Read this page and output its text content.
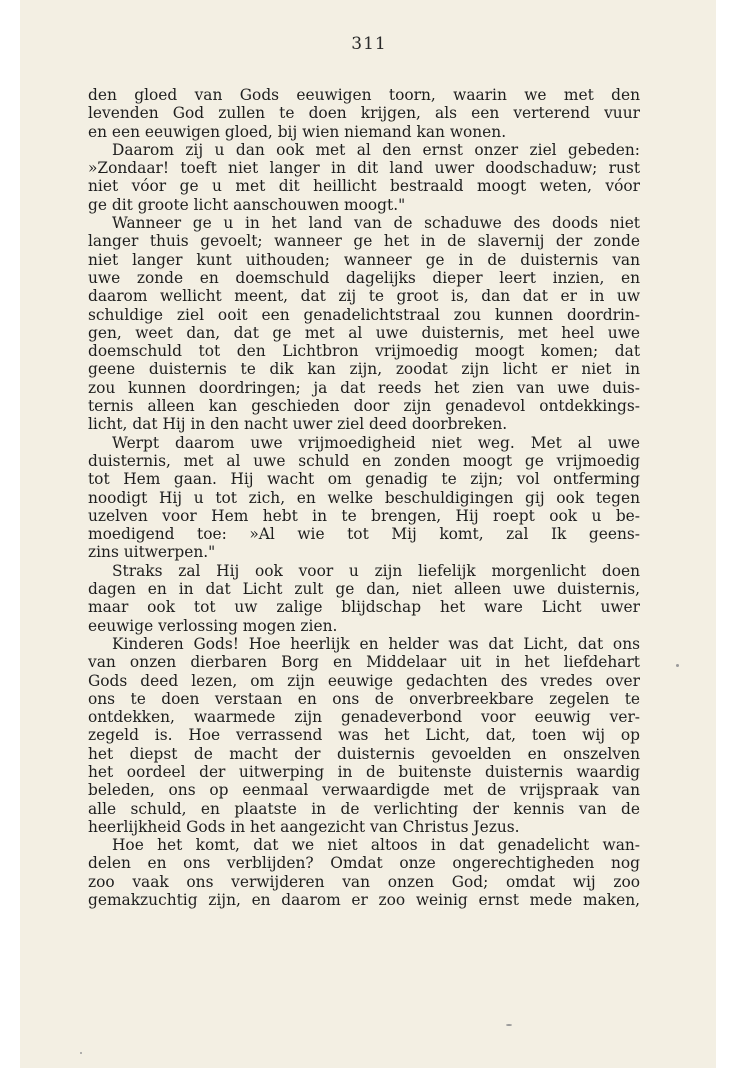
311
den gloed van Gods eeuwigen toorn, waarin we met den
levenden God zullen te doen krijgen, als een verterend vuur
en een eeuwigen gloed, bij wien niemand kan wonen.
Daarom zij u dan ook met al den ernst onzer ziel gebeden:
»Zondaar! toeft niet langer in dit land uwer doodschaduw; rust
niet vóor ge u met dit heillicht bestraald moogt weten, vóor
ge dit groote licht aanschouwen moogt."
Wanneer ge u in het land van de schaduwe des doods niet
langer thuis gevoelt; wanneer ge het in de slavernij der zonde
niet langer kunt uithouden; wanneer ge in de duisternis van
uwe zonde en doemschuld dagelijks dieper leert inzien, en
daarom wellicht meent, dat zij te groot is, dan dat er in uw
schuldige ziel ooit een genadelichtstraal zou kunnen doordrin-
gen, weet dan, dat ge met al uwe duisternis, met heel uwe
doemschuld tot den Lichtbron vrijmoedig moogt komen; dat
geene duisternis te dik kan zijn, zoodat zijn licht er niet in
zou kunnen doordringen; ja dat reeds het zien van uwe duis-
ternis alleen kan geschieden door zijn genadevol ontdekkings-
licht, dat Hij in den nacht uwer ziel deed doorbreken.
Werpt daarom uwe vrijmoedigheid niet weg. Met al uwe
duisternis, met al uwe schuld en zonden moogt ge vrijmoedig
tot Hem gaan. Hij wacht om genadig te zijn; vol ontferming
noodigt Hij u tot zich, en welke beschuldigingen gij ook tegen
uzelven voor Hem hebt in te brengen, Hij roept ook u be-
moedigend toe: »Al wie tot Mij komt, zal Ik geens-
zins uitwerpen."
Straks zal Hij ook voor u zijn liefelijk morgenlicht doen
dagen en in dat Licht zult ge dan, niet alleen uwe duisternis,
maar ook tot uw zalige blijdschap het ware Licht uwer
eeuwige verlossing mogen zien.
Kinderen Gods! Hoe heerlijk en helder was dat Licht, dat ons
van onzen dierbaren Borg en Middelaar uit in het liefdehart
Gods deed lezen, om zijn eeuwige gedachten des vredes over
ons te doen verstaan en ons de onverbreekbare zegelen te
ontdekken, waarmede zijn genadeverbond voor eeuwig ver-
zegeld is. Hoe verrassend was het Licht, dat, toen wij op
het diepst de macht der duisternis gevoelden en onszelven
het oordeel der uitwerping in de buitenste duisternis waardig
beleden, ons op eenmaal verwaardigde met de vrijspraak van
alle schuld, en plaatste in de verlichting der kennis van de
heerlijkheid Gods in het aangezicht van Christus Jezus.
Hoe het komt, dat we niet altoos in dat genadelicht wan-
delen en ons verblijden? Omdat onze ongerechtigheden nog
zoo vaak ons verwijderen van onzen God; omdat wij zoo
gemakzuchtig zijn, en daarom er zoo weinig ernst mede maken,
